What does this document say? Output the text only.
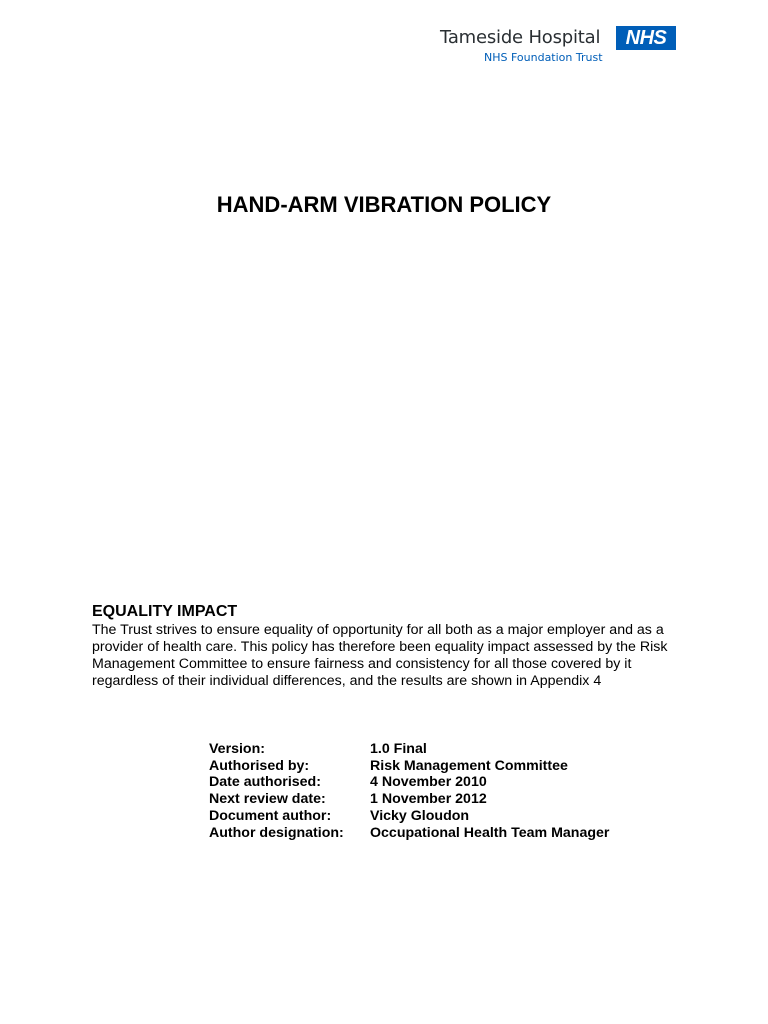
Tameside Hospital	NHS
NHS Foundation Trust
HAND-ARM VIBRATION POLICY
EQUALITY IMPACT

The Trust strives to ensure equality of opportunity for all both as a major employer and as a provider of health care. This policy has therefore been equality impact assessed by the Risk Management Committee to ensure fairness and consistency for all those covered by it regardless of their individual differences, and the results are shown in Appendix 4

Version:	1.0 Final
Authorised by:	Risk Management Committee
Date authorised:	4 November 2010
Next review date:	1 November 2012
Document author:	Vicky Gloudon
Author designation:	Occupational Health Team Manager
